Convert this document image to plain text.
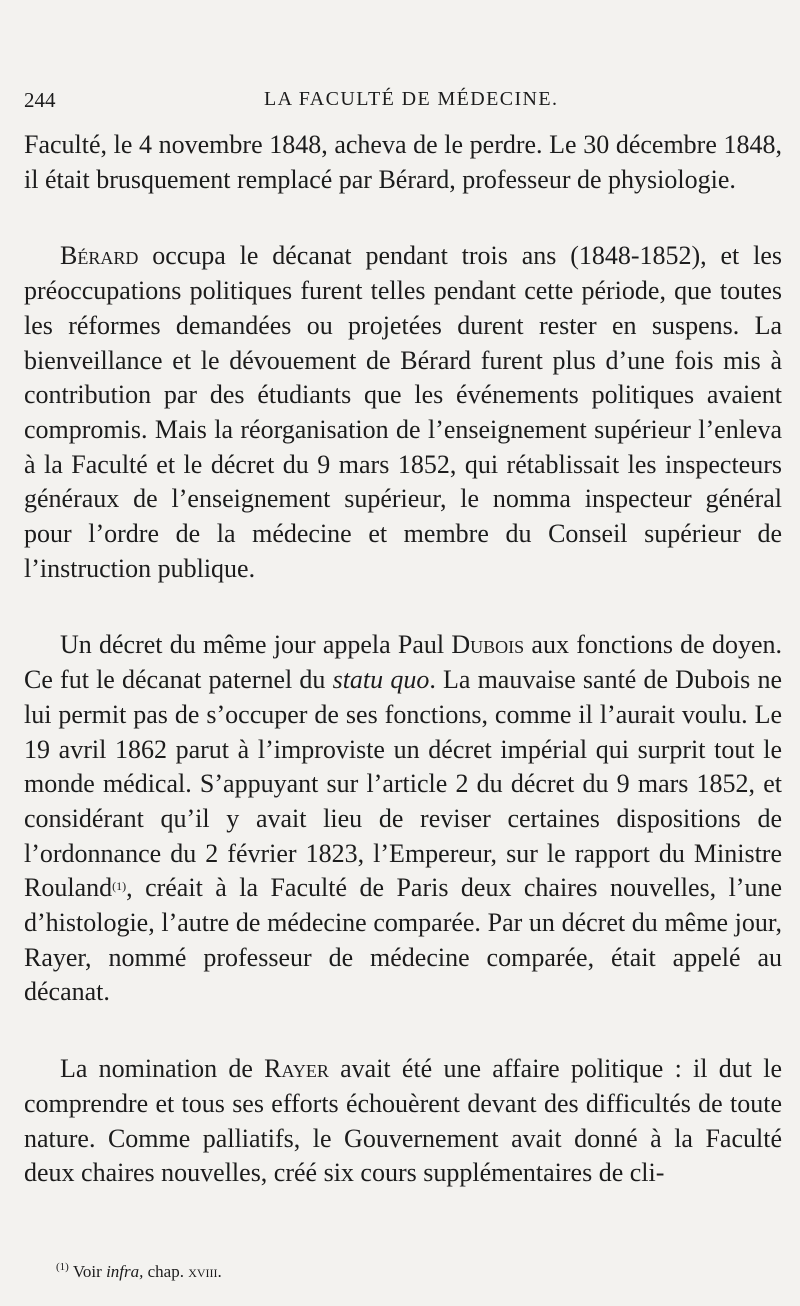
244	LA FACULTÉ DE MÉDECINE.

Faculté, le 4 novembre 1848, acheva de le perdre. Le 30 décembre 1848, il était brusquement remplacé par Bérard, professeur de physiologie.

Bérard occupa le décanat pendant trois ans (1848-1852), et les préoccupations politiques furent telles pendant cette période, que toutes les réformes demandées ou projetées durent rester en suspens. La bienveillance et le dévouement de Bérard furent plus d’une fois mis à contribution par des étudiants que les événements politiques avaient compromis. Mais la réorganisation de l’enseignement supérieur l’enleva à la Faculté et le décret du 9 mars 1852, qui rétablissait les inspecteurs généraux de l’enseignement supérieur, le nomma inspecteur général pour l’ordre de la médecine et membre du Conseil supérieur de l’instruction publique.

Un décret du même jour appela Paul Dubois aux fonctions de doyen. Ce fut le décanat paternel du statu quo. La mauvaise santé de Dubois ne lui permit pas de s’occuper de ses fonctions, comme il l’aurait voulu. Le 19 avril 1862 parut à l’improviste un décret impérial qui surprit tout le monde médical. S’appuyant sur l’article 2 du décret du 9 mars 1852, et considérant qu’il y avait lieu de reviser certaines dispositions de l’ordonnance du 2 février 1823, l’Empereur, sur le rapport du Ministre Rouland$^{(1)}$, créait à la Faculté de Paris deux chaires nouvelles, l’une d’histologie, l’autre de médecine comparée. Par un décret du même jour, Rayer, nommé professeur de médecine comparée, était appelé au décanat.

La nomination de Rayer avait été une affaire politique : il dut le comprendre et tous ses efforts échouèrent devant des difficultés de toute nature. Comme palliatifs, le Gouvernement avait donné à la Faculté deux chaires nouvelles, créé six cours supplémentaires de cli-

$^{(1)}$ Voir infra, chap. xviii.
